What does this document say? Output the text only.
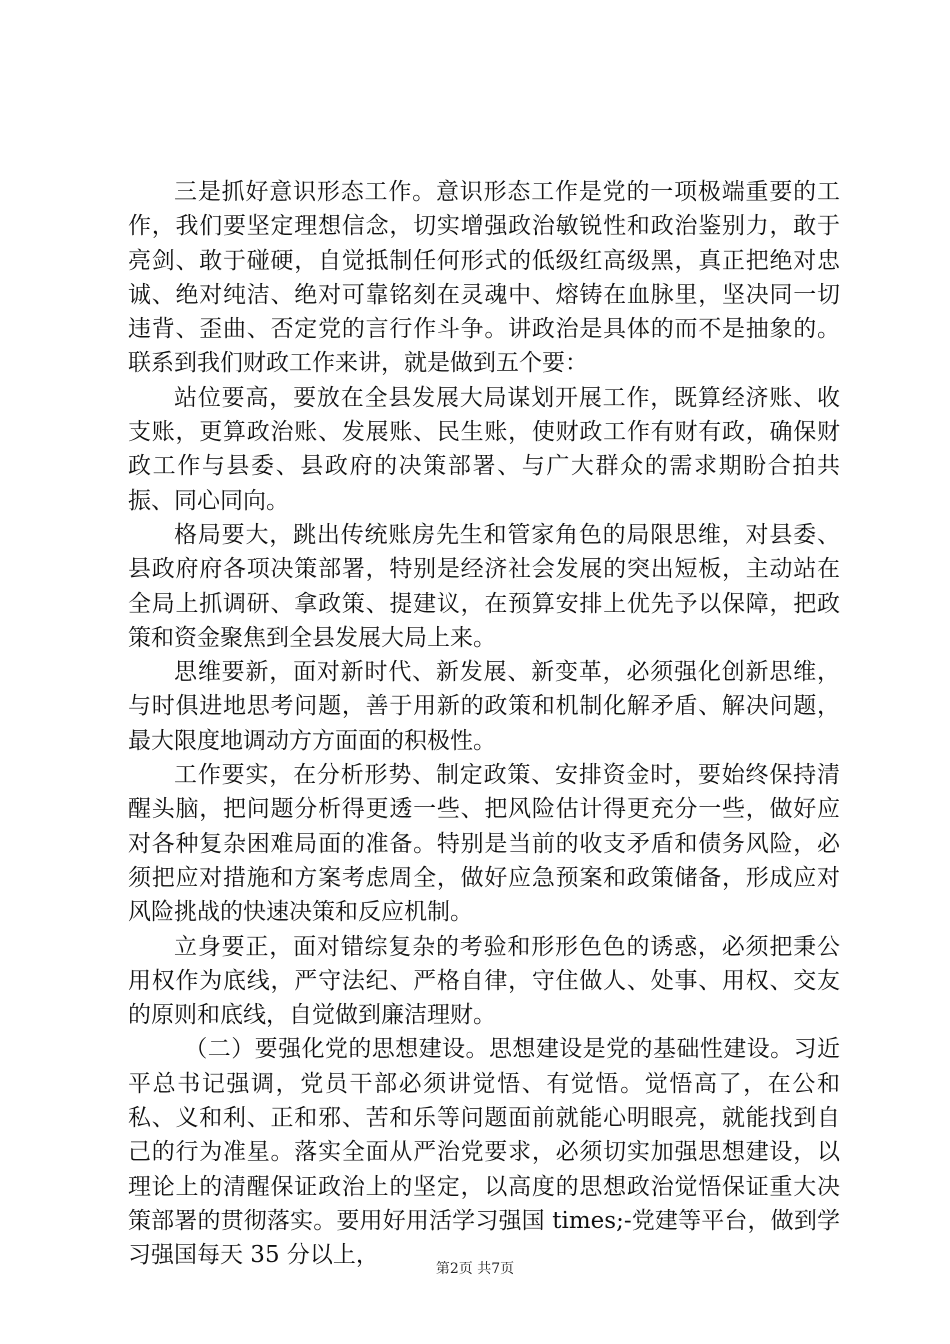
三是抓好意识形态工作。意识形态工作是党的一项极端重要的工作，我们要坚定理想信念，切实增强政治敏锐性和政治鉴别力，敢于亮剑、敢于碰硬，自觉抵制任何形式的低级红高级黑，真正把绝对忠诚、绝对纯洁、绝对可靠铭刻在灵魂中、熔铸在血脉里，坚决同一切违背、歪曲、否定党的言行作斗争。讲政治是具体的而不是抽象的。联系到我们财政工作来讲，就是做到五个要：

站位要高，要放在全县发展大局谋划开展工作，既算经济账、收支账，更算政治账、发展账、民生账，使财政工作有财有政，确保财政工作与县委、县政府的决策部署、与广大群众的需求期盼合拍共振、同心同向。

格局要大，跳出传统账房先生和管家角色的局限思维，对县委、县政府府各项决策部署，特别是经济社会发展的突出短板，主动站在全局上抓调研、拿政策、提建议，在预算安排上优先予以保障，把政策和资金聚焦到全县发展大局上来。

思维要新，面对新时代、新发展、新变革，必须强化创新思维，与时俱进地思考问题，善于用新的政策和机制化解矛盾、解决问题，最大限度地调动方方面面的积极性。

工作要实，在分析形势、制定政策、安排资金时，要始终保持清醒头脑，把问题分析得更透一些、把风险估计得更充分一些，做好应对各种复杂困难局面的准备。特别是当前的收支矛盾和债务风险，必须把应对措施和方案考虑周全，做好应急预案和政策储备，形成应对风险挑战的快速决策和反应机制。

立身要正，面对错综复杂的考验和形形色色的诱惑，必须把秉公用权作为底线，严守法纪、严格自律，守住做人、处事、用权、交友的原则和底线，自觉做到廉洁理财。

（二）要强化党的思想建设。思想建设是党的基础性建设。习近平总书记强调，党员干部必须讲觉悟、有觉悟。觉悟高了，在公和私、义和利、正和邪、苦和乐等问题面前就能心明眼亮，就能找到自己的行为准星。落实全面从严治党要求，必须切实加强思想建设，以理论上的清醒保证政治上的坚定，以高度的思想政治觉悟保证重大决策部署的贯彻落实。要用好用活学习强国 times;-党建等平台，做到学习强国每天 35 分以上，

第2页 共7页
